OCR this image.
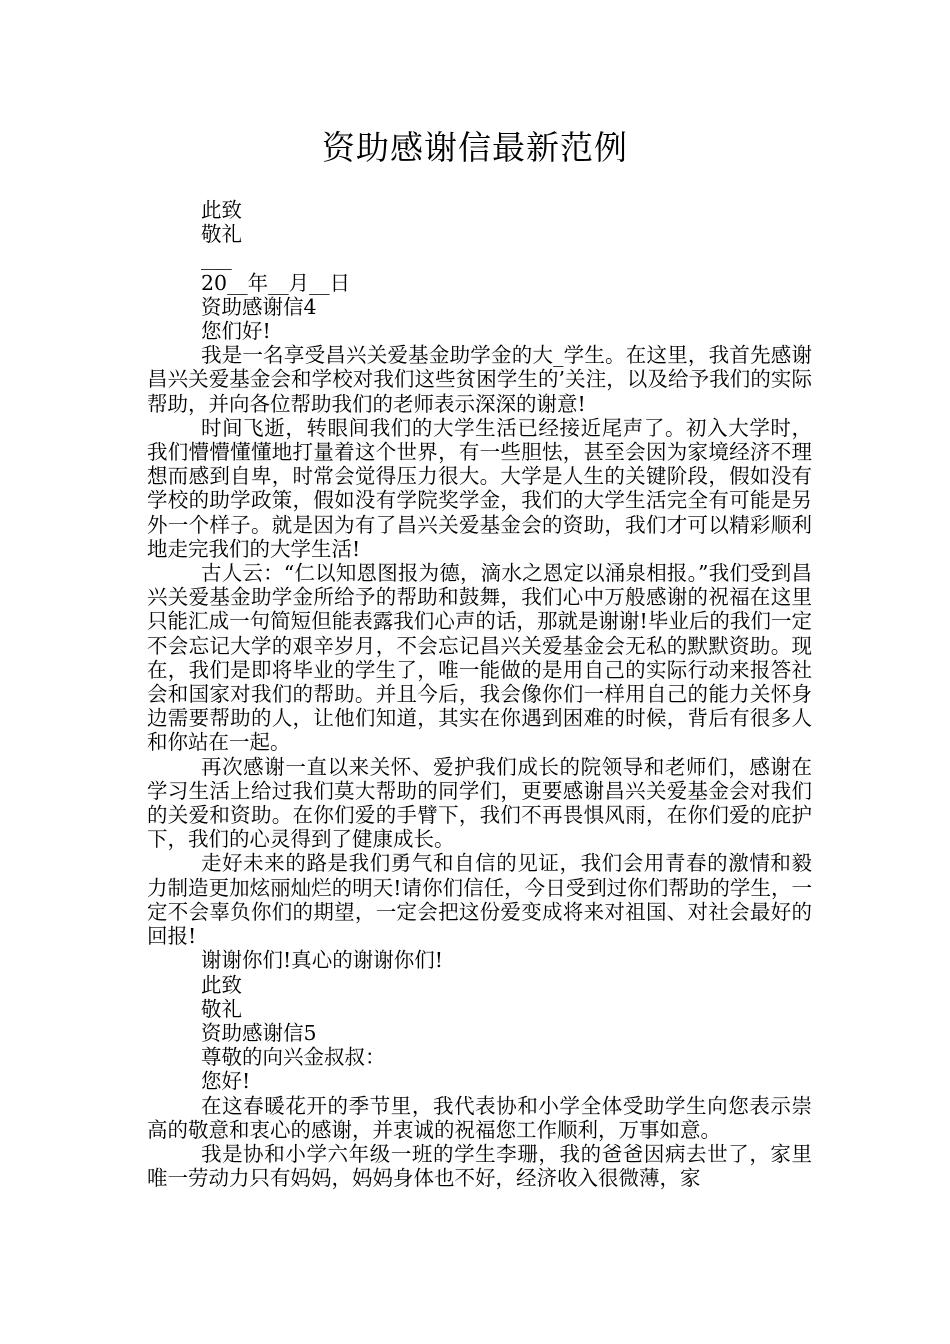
资助感谢信最新范例

此致

敬礼

___

20__年__月__日

资助感谢信4

您们好!

我是一名享受昌兴关爱基金助学金的大_学生。在这里，我首先感谢昌兴关爱基金会和学校对我们这些贫困学生的’关注，以及给予我们的实际帮助，并向各位帮助我们的老师表示深深的谢意!

时间飞逝，转眼间我们的大学生活已经接近尾声了。初入大学时，我们懵懵懂懂地打量着这个世界，有一些胆怯，甚至会因为家境经济不理想而感到自卑，时常会觉得压力很大。大学是人生的关键阶段，假如没有学校的助学政策，假如没有学院奖学金，我们的大学生活完全有可能是另外一个样子。就是因为有了昌兴关爱基金会的资助，我们才可以精彩顺利地走完我们的大学生活!

古人云：“仁以知恩图报为德，滴水之恩定以涌泉相报。”我们受到昌兴关爱基金助学金所给予的帮助和鼓舞，我们心中万般感谢的祝福在这里只能汇成一句简短但能表露我们心声的话，那就是谢谢!毕业后的我们一定不会忘记大学的艰辛岁月，不会忘记昌兴关爱基金会无私的默默资助。现在，我们是即将毕业的学生了，唯一能做的是用自己的实际行动来报答社会和国家对我们的帮助。并且今后，我会像你们一样用自己的能力关怀身边需要帮助的人，让他们知道，其实在你遇到困难的时候，背后有很多人和你站在一起。

再次感谢一直以来关怀、爱护我们成长的院领导和老师们，感谢在学习生活上给过我们莫大帮助的同学们，更要感谢昌兴关爱基金会对我们的关爱和资助。在你们爱的手臂下，我们不再畏惧风雨，在你们爱的庇护下，我们的心灵得到了健康成长。

走好未来的路是我们勇气和自信的见证，我们会用青春的激情和毅力制造更加炫丽灿烂的明天!请你们信任，今日受到过你们帮助的学生，一定不会辜负你们的期望，一定会把这份爱变成将来对祖国、对社会最好的回报!

谢谢你们!真心的谢谢你们!

此致

敬礼

资助感谢信5

尊敬的向兴金叔叔：

您好!

在这春暖花开的季节里，我代表协和小学全体受助学生向您表示崇高的敬意和衷心的感谢，并衷诚的祝福您工作顺利，万事如意。

我是协和小学六年级一班的学生李珊，我的爸爸因病去世了，家里唯一劳动力只有妈妈，妈妈身体也不好，经济收入很微薄，家
